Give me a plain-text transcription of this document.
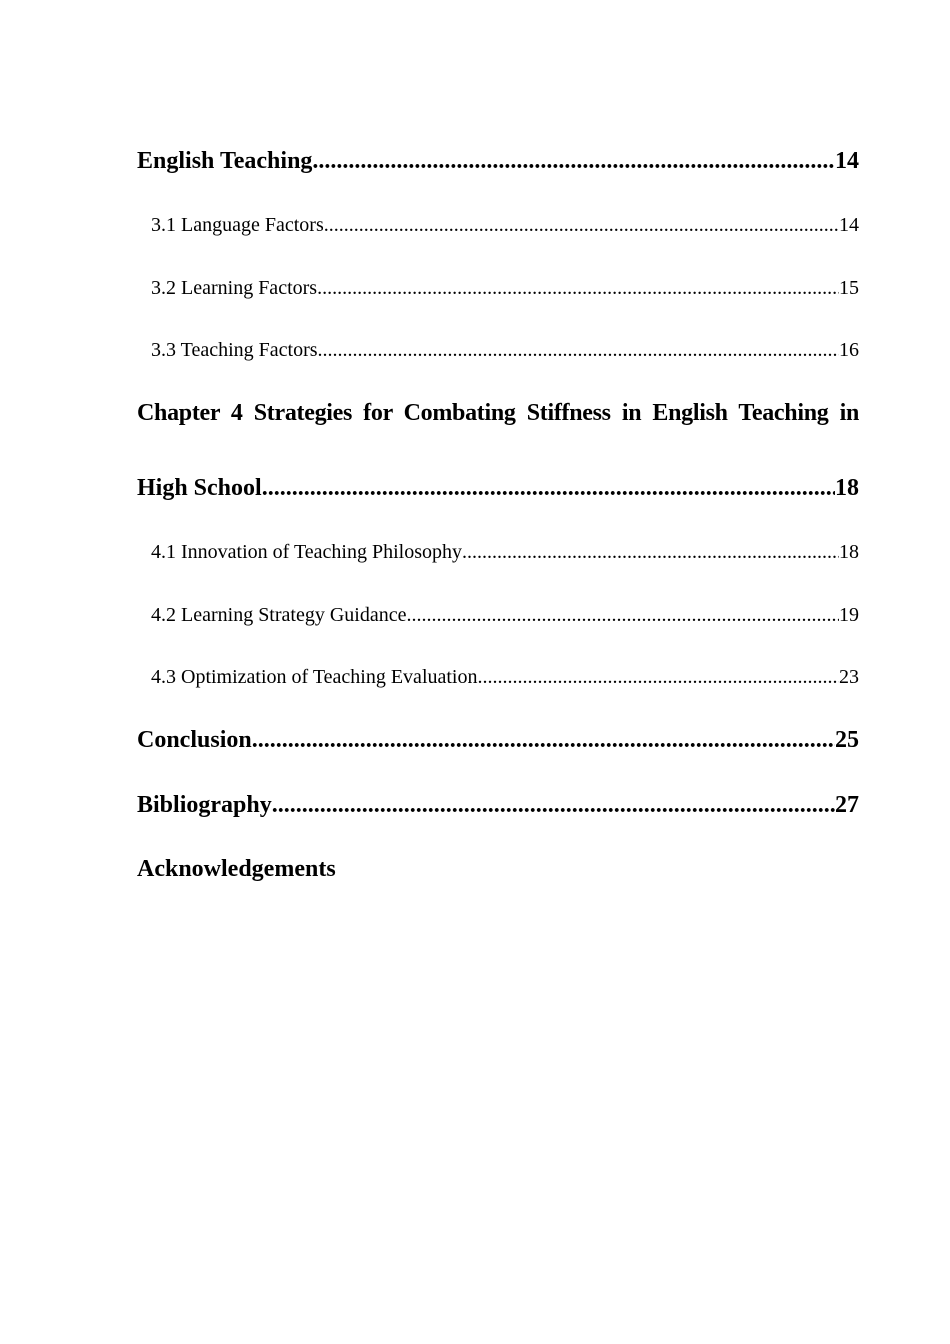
English Teaching .....	14
3.1 Language Factors .....	14
3.2 Learning Factors .....	15
3.3 Teaching Factors .....	16
Chapter 4 Strategies for Combating Stiffness in English Teaching in
High School .....	18
4.1 Innovation of Teaching Philosophy .....	18
4.2 Learning Strategy Guidance .....	19
4.3 Optimization of Teaching Evaluation .....	23
Conclusion .....	25
Bibliography .....	27
Acknowledgements
